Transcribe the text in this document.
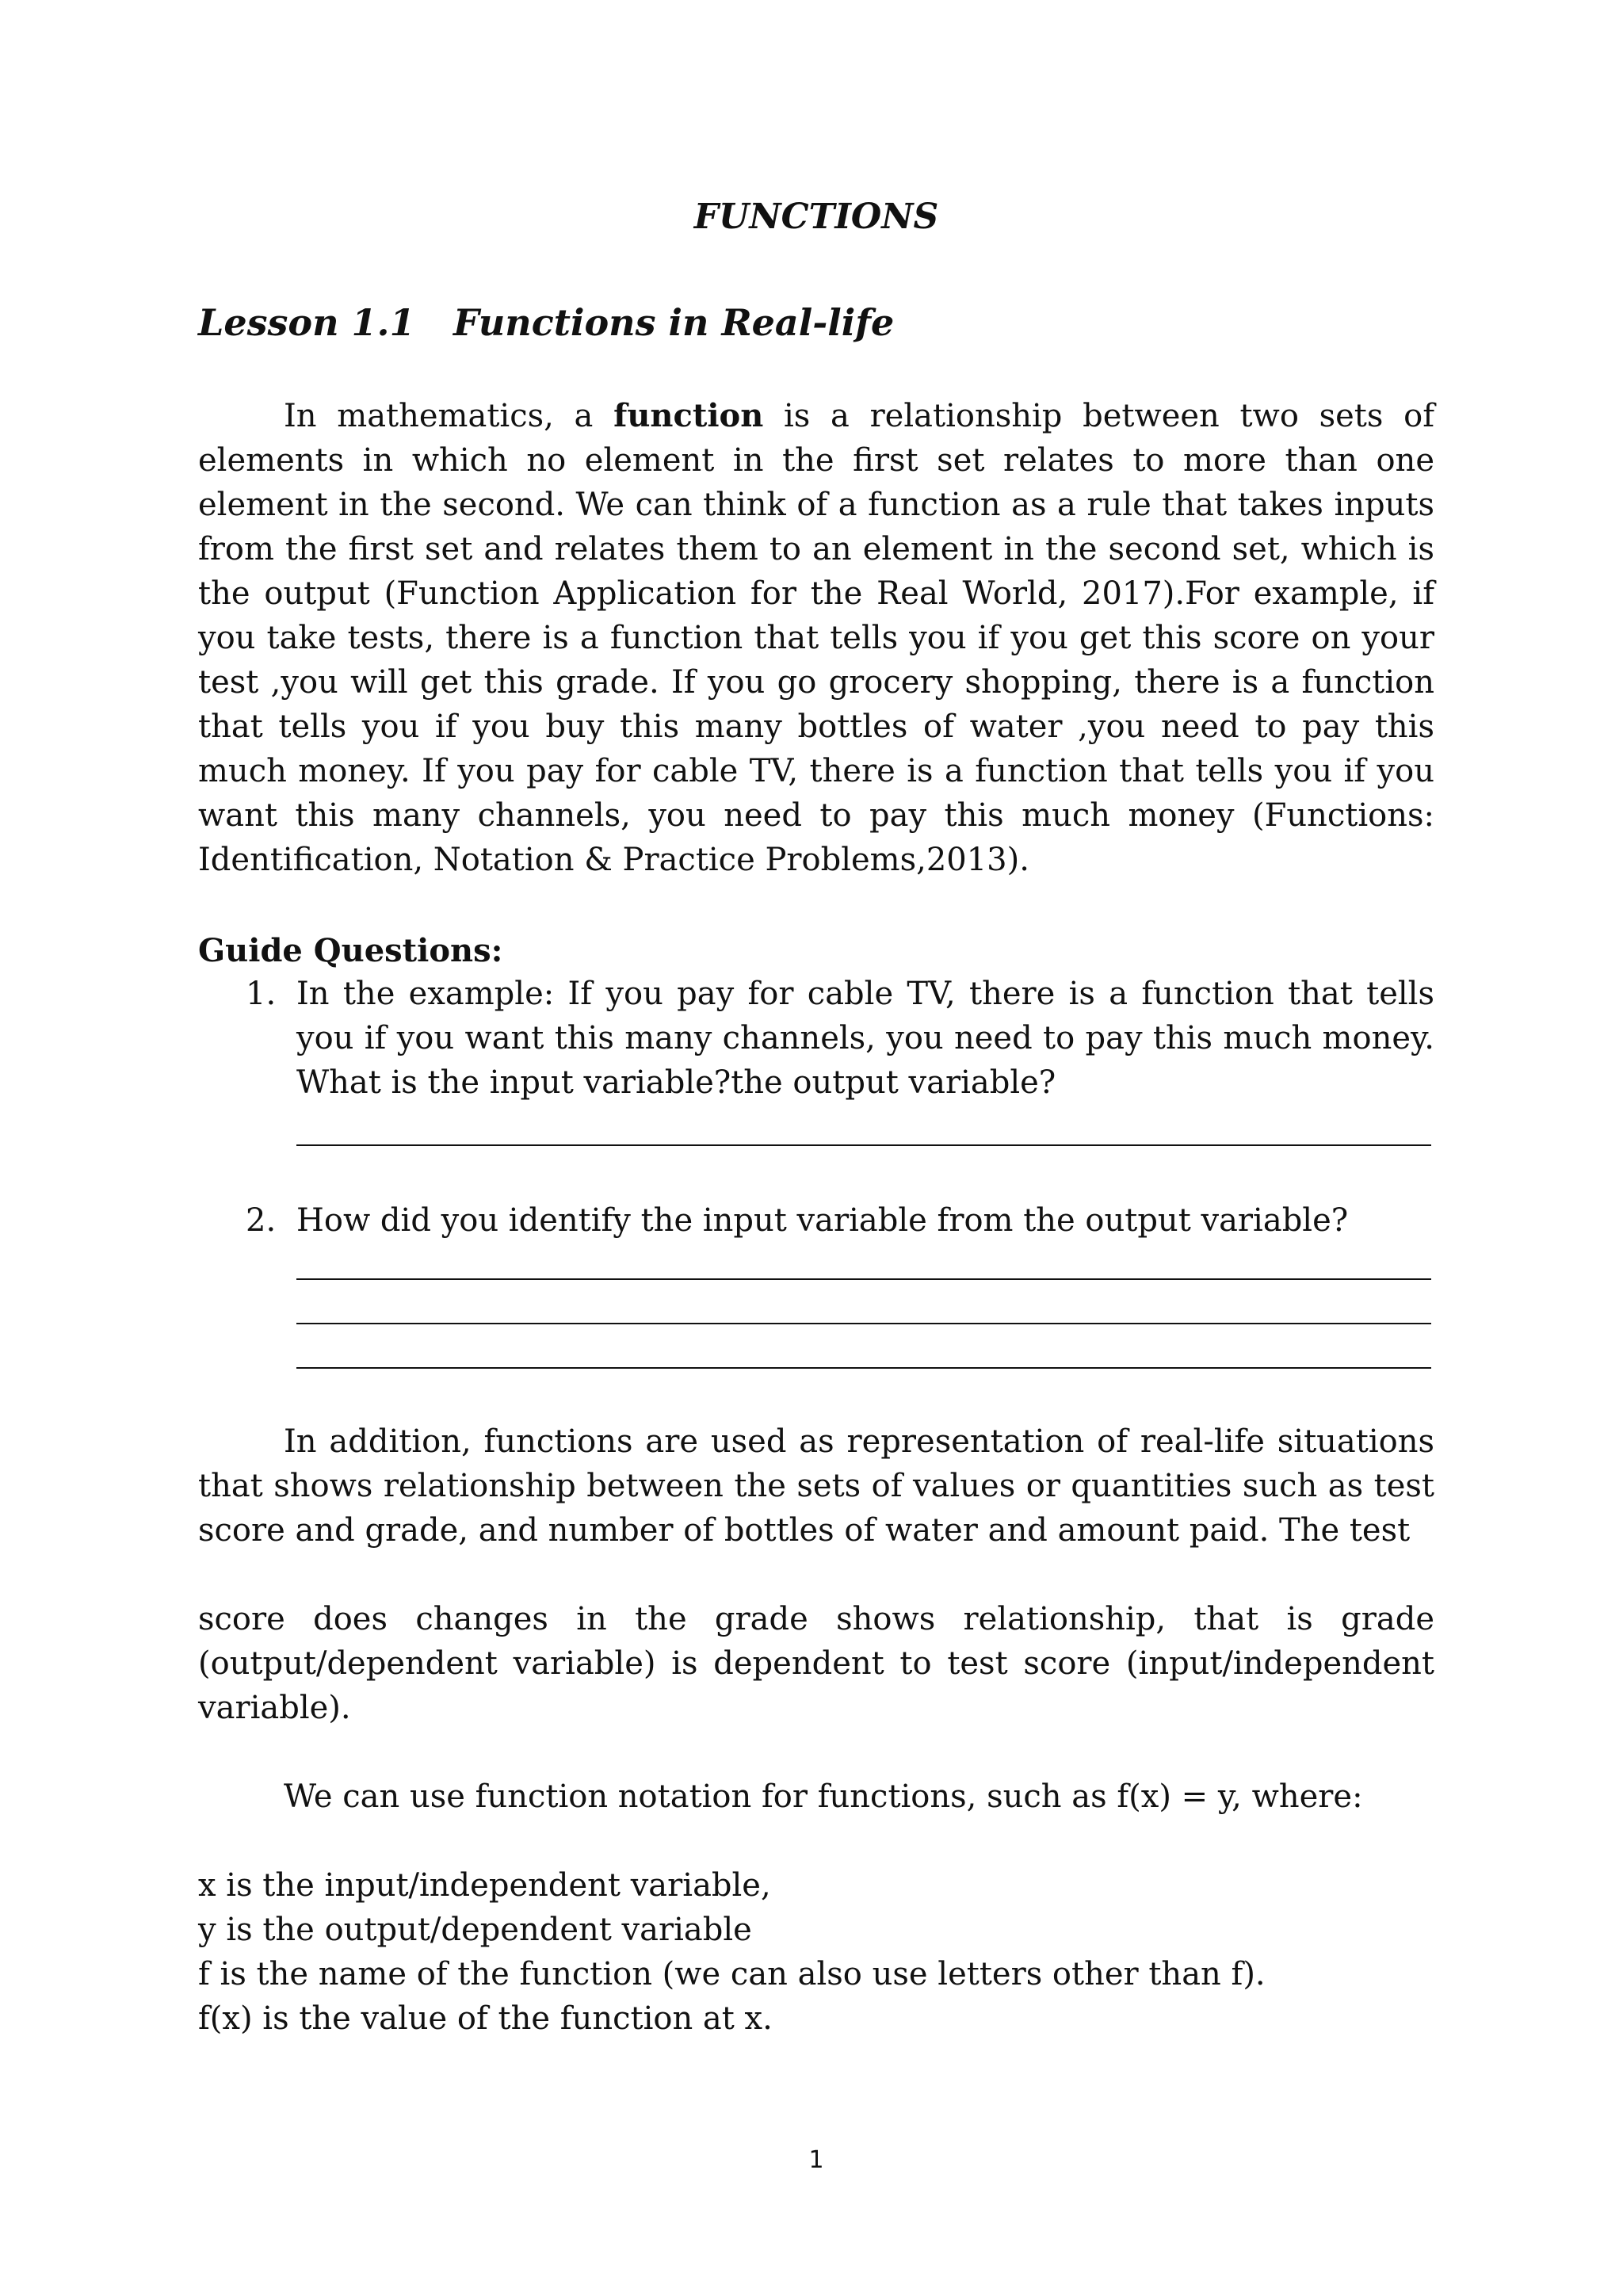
FUNCTIONS
Lesson 1.1 Functions in Real-life

In mathematics, a function is a relationship between two sets of elements in which no element in the first set relates to more than one element in the second. We can think of a function as a rule that takes inputs from the first set and relates them to an element in the second set, which is the output (Function Application for the Real World, 2017).For example, if you take tests, there is a function that tells you if you get this score on your test ,you will get this grade. If you go grocery shopping, there is a function that tells you if you buy this many bottles of water ,you need to pay this much money. If you pay for cable TV, there is a function that tells you if you want this many channels, you need to pay this much money (Functions: Identification, Notation & Practice Problems,2013).

Guide Questions:
1. In the example: If you pay for cable TV, there is a function that tells you if you want this many channels, you need to pay this much money. What is the input variable?the output variable?
2. How did you identify the input variable from the output variable?

In addition, functions are used as representation of real-life situations that shows relationship between the sets of values or quantities such as test score and grade, and number of bottles of water and amount paid. The test

score does changes in the grade shows relationship, that is grade (output/dependent variable) is dependent to test score (input/independent variable).

We can use function notation for functions, such as f(x) = y, where:

x is the input/independent variable,
y is the output/dependent variable
f is the name of the function (we can also use letters other than f).
f(x) is the value of the function at x.
1
